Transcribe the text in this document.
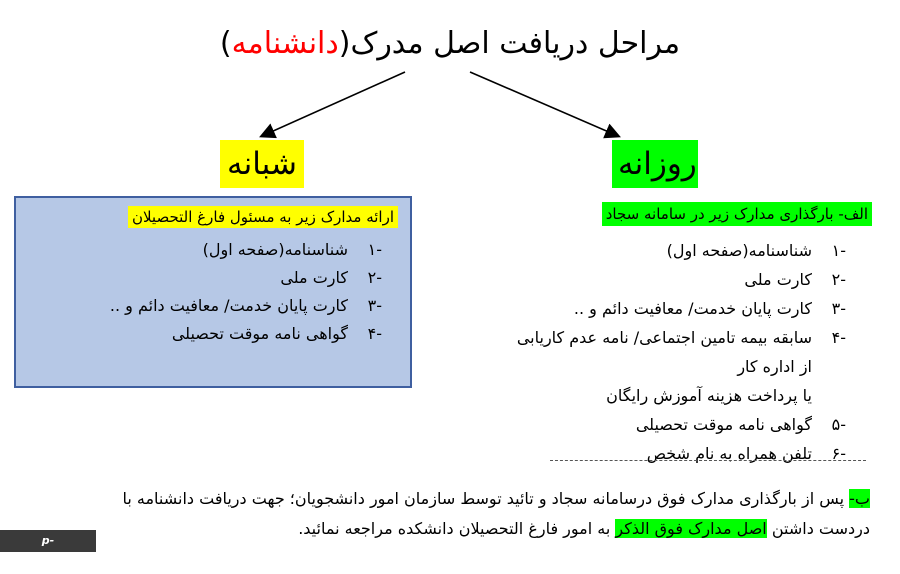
مراحل دریافت اصل مدرک(دانشنامه)
شبانه	روزانه
ارائه مدارک زیر به مسئول فارغ التحصیلان
-۱
شناسنامه(صفحه اول)
-۲
کارت ملی
-۳
کارت پایان خدمت/ معافیت دائم و ..
-۴
گواهی نامه موقت تحصیلی
الف- بارگذاری مدارک زیر در سامانه سجاد
-۱
شناسنامه(صفحه اول)
-۲
کارت ملی
-۳
کارت پایان خدمت/ معافیت دائم و ..
-۴
سابقه بیمه تامین اجتماعی/ نامه عدم کاریابی از اداره کار
یا پرداخت هزینه آموزش رایگان
-۵
گواهی نامه موقت تحصیلی
-۶
تلفن همراه به نام شخص
ب- پس از بارگذاری مدارک فوق درسامانه سجاد و تائید توسط سازمان امور دانشجویان؛ جهت دریافت دانشنامه با
دردست داشتن اصل مدارک فوق الذکر به امور فارغ التحصیلان دانشکده مراجعه نمائید.
p-babol.tvu.ac.ir
